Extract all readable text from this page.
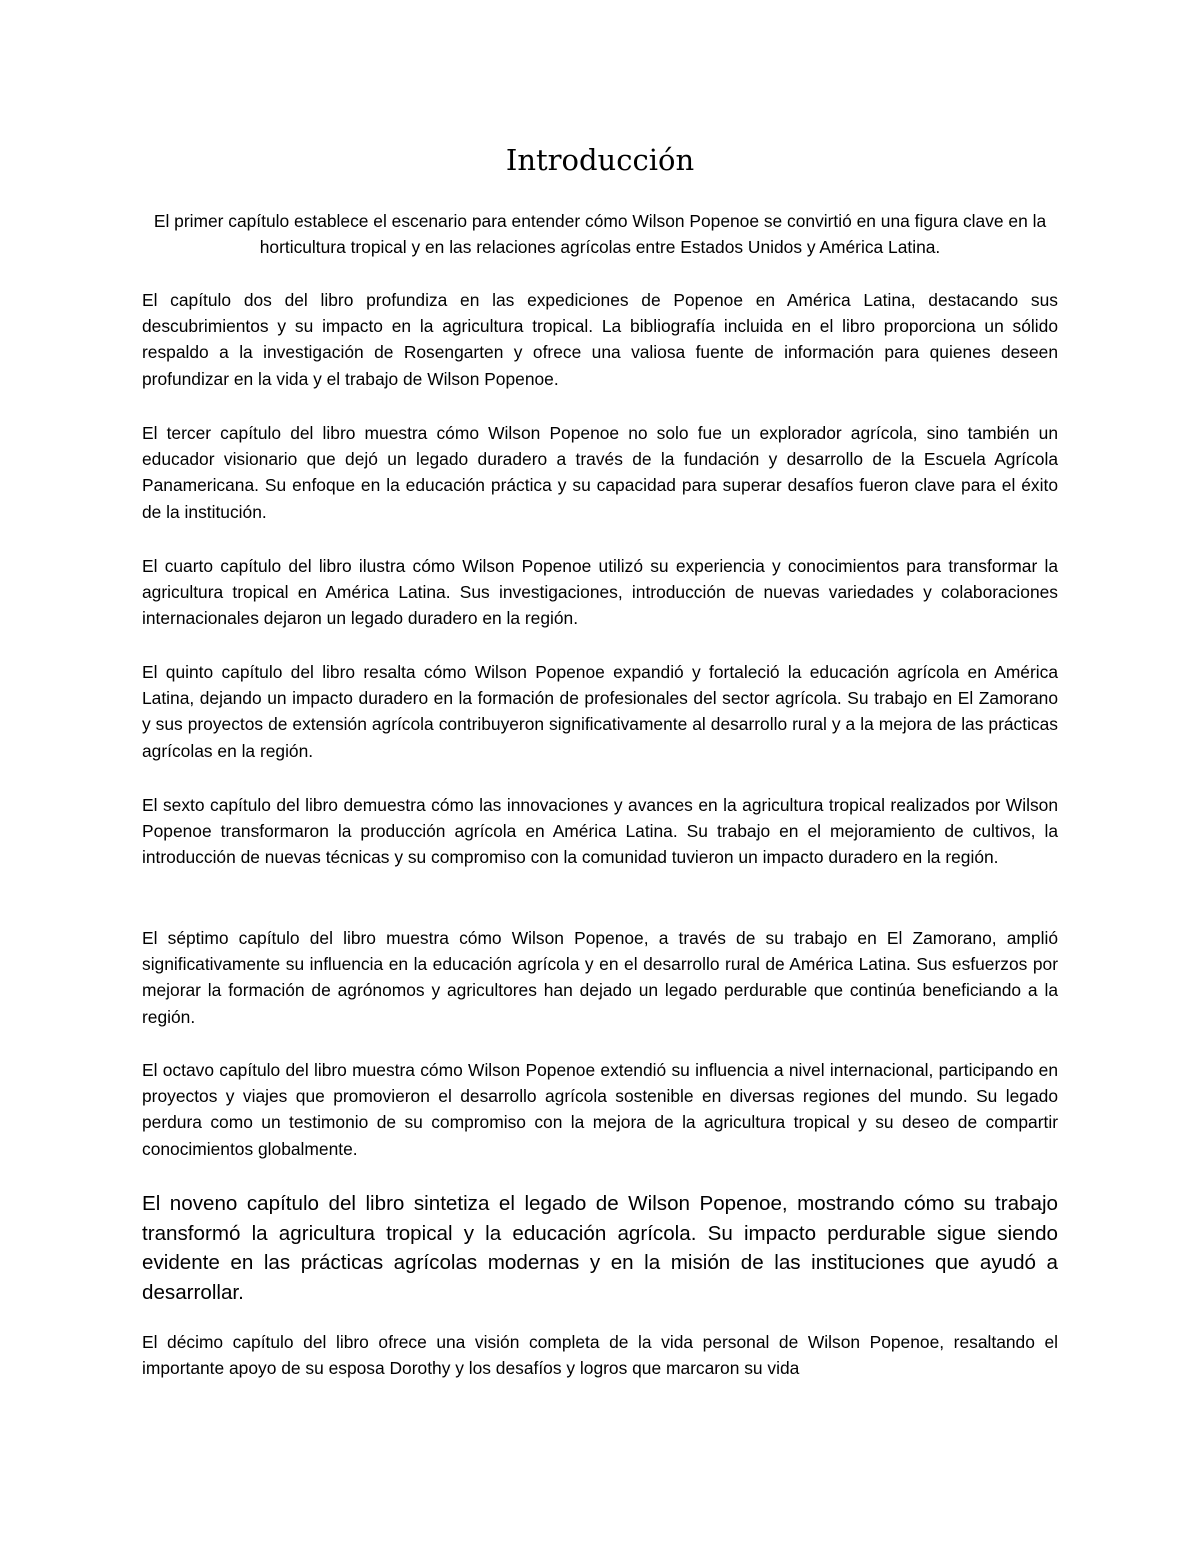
Introducción

El primer capítulo establece el escenario para entender cómo Wilson Popenoe se convirtió en una figura clave en la horticultura tropical y en las relaciones agrícolas entre Estados Unidos y América Latina.

El capítulo dos del libro profundiza en las expediciones de Popenoe en América Latina, destacando sus descubrimientos y su impacto en la agricultura tropical. La bibliografía incluida en el libro proporciona un sólido respaldo a la investigación de Rosengarten y ofrece una valiosa fuente de información para quienes deseen profundizar en la vida y el trabajo de Wilson Popenoe.

El tercer capítulo del libro muestra cómo Wilson Popenoe no solo fue un explorador agrícola, sino también un educador visionario que dejó un legado duradero a través de la fundación y desarrollo de la Escuela Agrícola Panamericana. Su enfoque en la educación práctica y su capacidad para superar desafíos fueron clave para el éxito de la institución.

El cuarto capítulo del libro ilustra cómo Wilson Popenoe utilizó su experiencia y conocimientos para transformar la agricultura tropical en América Latina. Sus investigaciones, introducción de nuevas variedades y colaboraciones internacionales dejaron un legado duradero en la región.

El quinto capítulo del libro resalta cómo Wilson Popenoe expandió y fortaleció la educación agrícola en América Latina, dejando un impacto duradero en la formación de profesionales del sector agrícola. Su trabajo en El Zamorano y sus proyectos de extensión agrícola contribuyeron significativamente al desarrollo rural y a la mejora de las prácticas agrícolas en la región.

El sexto capítulo del libro demuestra cómo las innovaciones y avances en la agricultura tropical realizados por Wilson Popenoe transformaron la producción agrícola en América Latina. Su trabajo en el mejoramiento de cultivos, la introducción de nuevas técnicas y su compromiso con la comunidad tuvieron un impacto duradero en la región.

El séptimo capítulo del libro muestra cómo Wilson Popenoe, a través de su trabajo en El Zamorano, amplió significativamente su influencia en la educación agrícola y en el desarrollo rural de América Latina. Sus esfuerzos por mejorar la formación de agrónomos y agricultores han dejado un legado perdurable que continúa beneficiando a la región.

El octavo capítulo del libro muestra cómo Wilson Popenoe extendió su influencia a nivel internacional, participando en proyectos y viajes que promovieron el desarrollo agrícola sostenible en diversas regiones del mundo. Su legado perdura como un testimonio de su compromiso con la mejora de la agricultura tropical y su deseo de compartir conocimientos globalmente.

El noveno capítulo del libro sintetiza el legado de Wilson Popenoe, mostrando cómo su trabajo transformó la agricultura tropical y la educación agrícola. Su impacto perdurable sigue siendo evidente en las prácticas agrícolas modernas y en la misión de las instituciones que ayudó a desarrollar.

El décimo capítulo del libro ofrece una visión completa de la vida personal de Wilson Popenoe, resaltando el importante apoyo de su esposa Dorothy y los desafíos y logros que marcaron su vida
